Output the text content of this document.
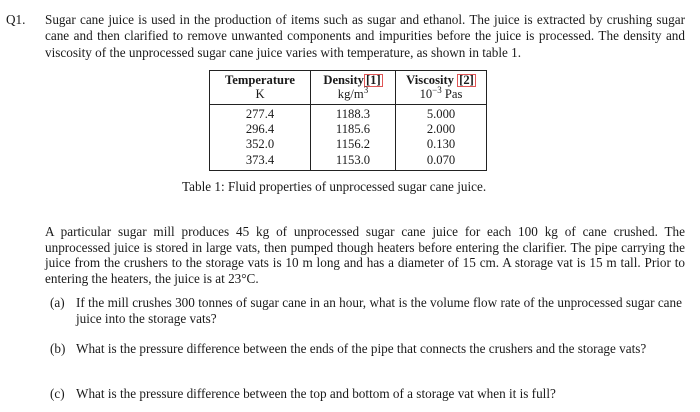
Q1. Sugar cane juice is used in the production of items such as sugar and ethanol. The juice is extracted by crushing sugar cane and then clarified to remove unwanted components and impurities before the juice is processed. The density and viscosity of the unprocessed sugar cane juice varies with temperature, as shown in table 1.
Temperature	Density [1]	Viscosity [2]
K	$kg/m^3$	$10^{-3}$ Pas
277.4	1188.3	5.000
296.4	1185.6	2.000
352.0	1156.2	0.130
373.4	1153.0	0.070
Table 1: Fluid properties of unprocessed sugar cane juice.
A particular sugar mill produces 45 kg of unprocessed sugar cane juice for each 100 kg of cane crushed. The unprocessed juice is stored in large vats, then pumped though heaters before entering the clarifier. The pipe carrying the juice from the crushers to the storage vats is 10 m long and has a diameter of 15 cm. A storage vat is 15 m tall. Prior to entering the heaters, the juice is at 23°C.
(a) If the mill crushes 300 tonnes of sugar cane in an hour, what is the volume flow rate of the unprocessed sugar cane juice into the storage vats?
(b) What is the pressure difference between the ends of the pipe that connects the crushers and the storage vats?
(c) What is the pressure difference between the top and bottom of a storage vat when it is full?
